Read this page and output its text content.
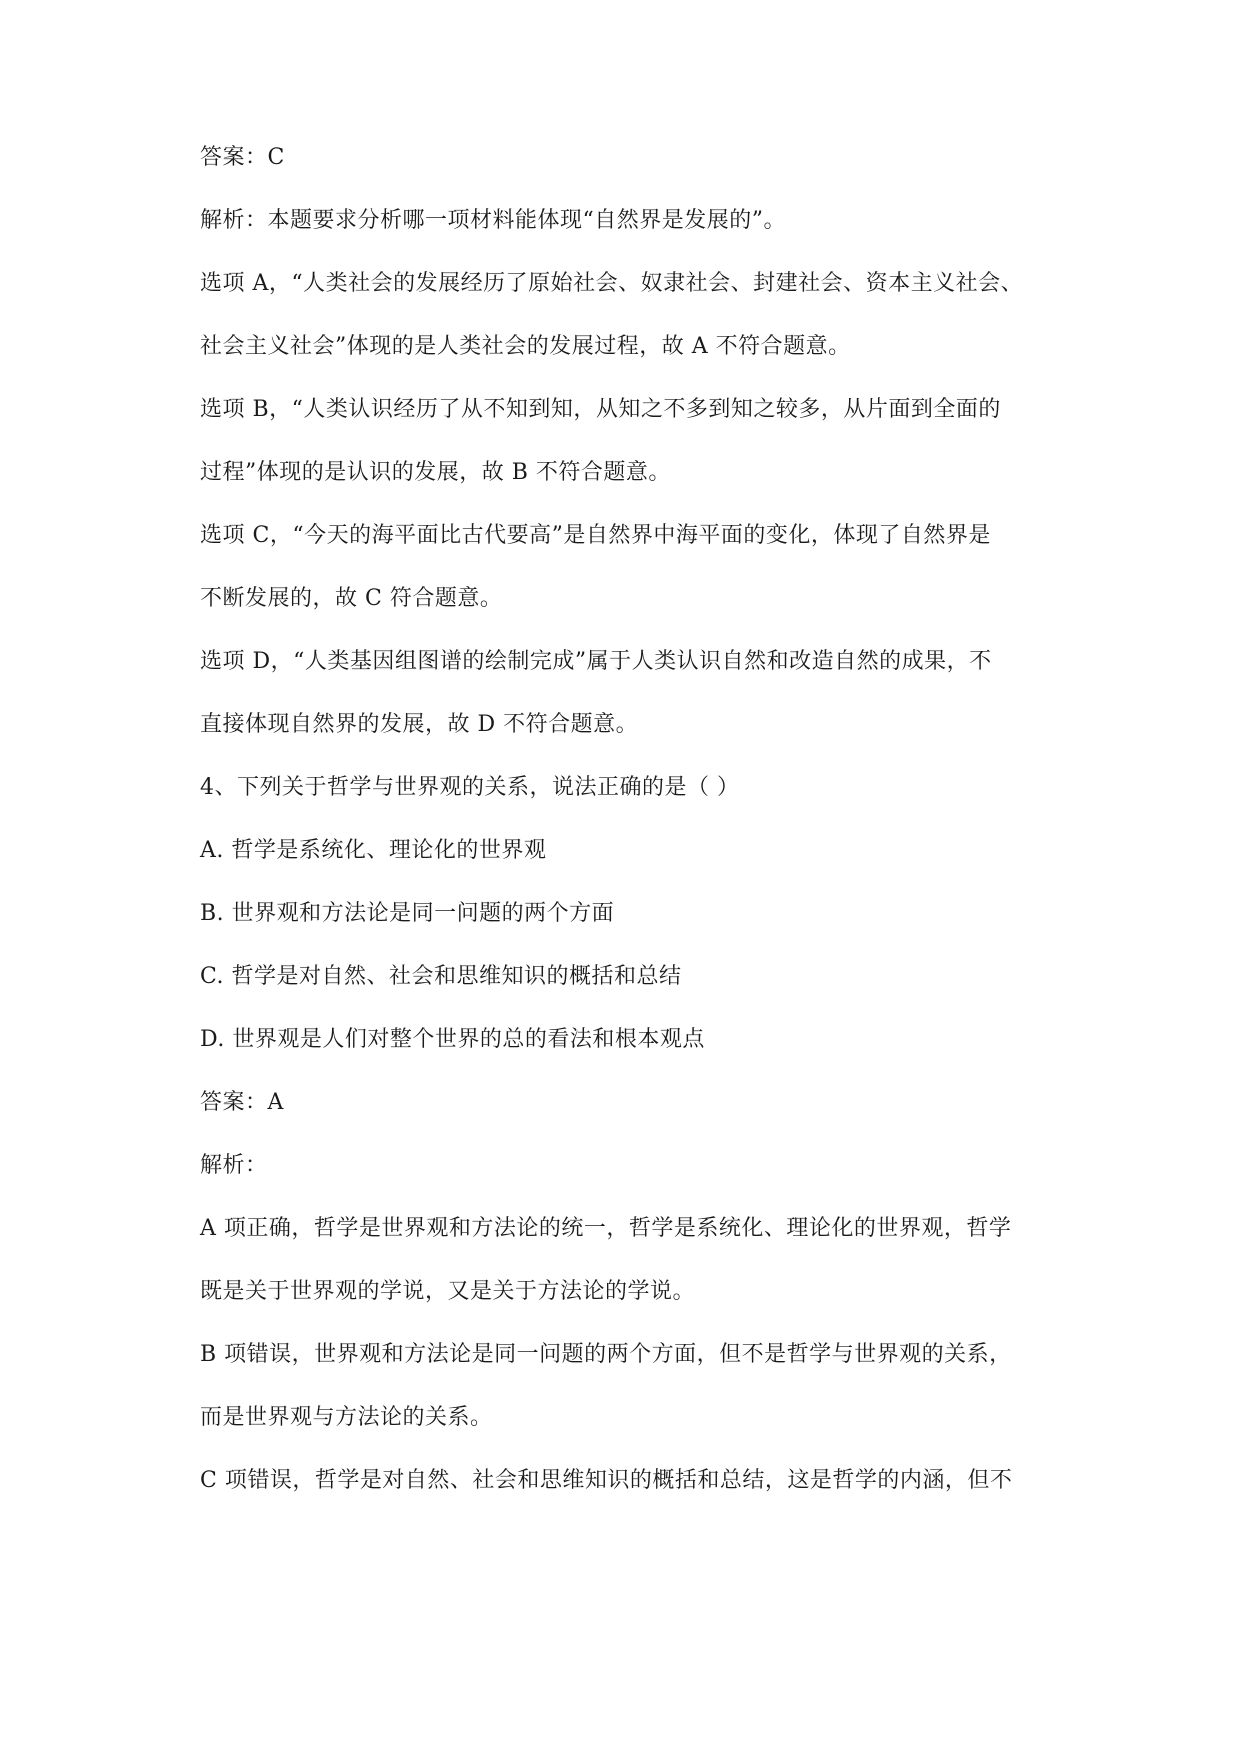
答案：C

解析：本题要求分析哪一项材料能体现“自然界是发展的”。

选项 A，“人类社会的发展经历了原始社会、奴隶社会、封建社会、资本主义社会、

社会主义社会”体现的是人类社会的发展过程，故 A 不符合题意。

选项 B，“人类认识经历了从不知到知，从知之不多到知之较多，从片面到全面的

过程”体现的是认识的发展，故 B 不符合题意。

选项 C，“今天的海平面比古代要高”是自然界中海平面的变化，体现了自然界是

不断发展的，故 C 符合题意。

选项 D，“人类基因组图谱的绘制完成”属于人类认识自然和改造自然的成果，不

直接体现自然界的发展，故 D 不符合题意。

4、下列关于哲学与世界观的关系，说法正确的是（ ）

A. 哲学是系统化、理论化的世界观

B. 世界观和方法论是同一问题的两个方面

C. 哲学是对自然、社会和思维知识的概括和总结

D. 世界观是人们对整个世界的总的看法和根本观点

答案：A

解析：

A 项正确，哲学是世界观和方法论的统一，哲学是系统化、理论化的世界观，哲学

既是关于世界观的学说，又是关于方法论的学说。

B 项错误，世界观和方法论是同一问题的两个方面，但不是哲学与世界观的关系，

而是世界观与方法论的关系。

C 项错误，哲学是对自然、社会和思维知识的概括和总结，这是哲学的内涵，但不
